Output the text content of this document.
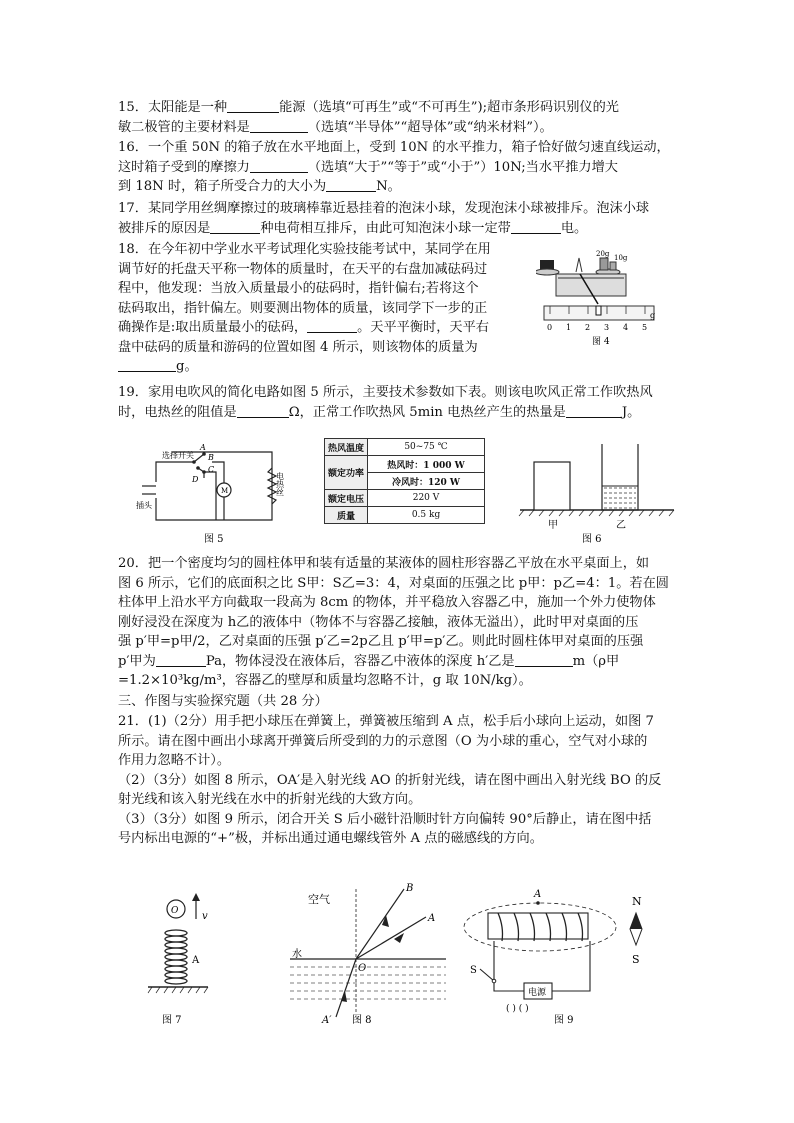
15．太阳能是一种	能源（选填“可再生”或“不可再生”);超市条形码识别仪的光

敏二极管的主要材料是	（选填“半导体”“超导体”或“纳米材料”）。

16．一个重 50N 的箱子放在水平地面上，受到 10N 的水平推力，箱子恰好做匀速直线运动，

这时箱子受到的摩擦力	（选填“大于”“等于”或“小于”）10N;当水平推力增大

到 18N 时，箱子所受合力的大小为	N。

17．某同学用丝绸摩擦过的玻璃棒靠近悬挂着的泡沫小球，发现泡沫小球被排斥。泡沫小球

被排斥的原因是	种电荷相互排斥，由此可知泡沫小球一定带	电。

18．在今年初中学业水平考试理化实验技能考试中，某同学在用

调节好的托盘天平称一物体的质量时，在天平的右盘加减砝码过

程中，他发现：当放入质量最小的砝码时，指针偏右;若将这个

砝码取出，指针偏左。则要测出物体的质量，该同学下一步的正

确操作是:取出质量最小的砝码，	。天平平衡时，天平右

盘中砝码的质量和游码的位置如图 4 所示，则该物体的质量为

g。

20g 10g
0 1 2 3 4 5
g
图 4

19．家用电吹风的简化电路如图 5 所示，主要技术参数如下表。则该电吹风正常工作吹热风

时，电热丝的阻值是	Ω，正常工作吹热风 5min 电热丝产生的热量是	J。

A
B
C
D
M
选择开关
插头
电热丝
图 5
热风温度	50~75 ℃
额定功率	热风时：1 000 W
	冷风时：120 W
额定电压	220 V
质量	0.5 kg
甲	乙
图 6

20．把一个密度均匀的圆柱体甲和装有适量的某液体的圆柱形容器乙平放在水平桌面上，如

图 6 所示，它们的底面积之比 S甲：S乙=3：4，对桌面的压强之比 p甲：p乙=4：1。若在圆

柱体甲上沿水平方向截取一段高为 8cm 的物体，并平稳放入容器乙中，施加一个外力使物体

刚好浸没在深度为 h乙的液体中（物体不与容器乙接触，液体无溢出），此时甲对桌面的压

强 p′甲=p甲/2，乙对桌面的压强 p′乙=2p乙且 p′甲=p′乙。则此时圆柱体甲对桌面的压强

p′甲为	Pa，物体浸没在液体后，容器乙中液体的深度 h′乙是	m（ρ甲

=1.2×10³kg/m³，容器乙的壁厚和质量均忽略不计，g 取 10N/kg）。

三、作图与实验探究题（共 28 分）

21．(1)（2分）用手把小球压在弹簧上，弹簧被压缩到 A 点，松手后小球向上运动，如图 7

所示。请在图中画出小球离开弹簧后所受到的力的示意图（O 为小球的重心，空气对小球的

作用力忽略不计）。

（2）（3分）如图 8 所示，OA′是入射光线 AO 的折射光线，请在图中画出入射光线 BO 的反

射光线和该入射光线在水中的折射光线的大致方向。

（3）（3分）如图 9 所示，闭合开关 S 后小磁针沿顺时针方向偏转 90°后静止，请在图中括

号内标出电源的“+”极，并标出通过通电螺线管外 A 点的磁感线的方向。

O v
A
图 7
空气
水
O
A
B
A′ 图 8
A
S
电源
( ) ( )
N
S
图 9
